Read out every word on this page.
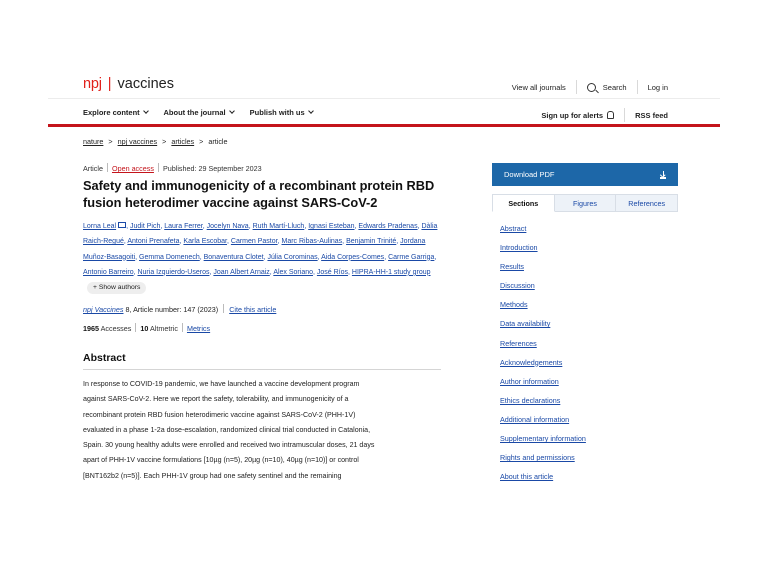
npj | vaccines	View all journals	Search	Log in
Explore content	About the journal	Publish with us	Sign up for alerts	RSS feed
nature > npj vaccines > articles > article
Article Open access Published: 29 September 2023
Safety and immunogenicity of a recombinant protein RBD fusion heterodimer vaccine against SARS-CoV-2
Lorna Leal , Judit Pich, Laura Ferrer, Jocelyn Nava, Ruth Martí-Lluch, Ignasi Esteban, Edwards Pradenas, Dàlia Raich-Regué, Antoni Prenafeta, Karla Escobar, Carmen Pastor, Marc Ribas-Aulinas, Benjamin Trinité, Jordana Muñoz-Basagoiti, Gemma Domenech, Bonaventura Clotet, Júlia Corominas, Aida Corpes-Comes, Carme Garriga, Antonio Barreiro, Nuria Izquierdo-Useros, Joan Albert Arnaiz, Alex Soriano, José Ríos, HIPRA-HH-1 study group+ Show authors
npj Vaccines 8, Article number: 147 (2023) Cite this article
1965 Accesses 10 Altmetric Metrics
Abstract

In response to COVID-19 pandemic, we have launched a vaccine development program
against SARS-CoV-2. Here we report the safety, tolerability, and immunogenicity of a
recombinant protein RBD fusion heterodimeric vaccine against SARS-CoV-2 (PHH-1V)
evaluated in a phase 1-2a dose-escalation, randomized clinical trial conducted in Catalonia,
Spain. 30 young healthy adults were enrolled and received two intramuscular doses, 21 days
apart of PHH-1V vaccine formulations [10µg (n=5), 20µg (n=10), 40µg (n=10)] or control
[BNT162b2 (n=5)]. Each PHH-1V group had one safety sentinel and the remaining

Download PDF
Sections	Figures	References
Abstract
Introduction
Results
Discussion
Methods
Data availability
References
Acknowledgements
Author information
Ethics declarations
Additional information
Supplementary information
Rights and permissions
About this article
